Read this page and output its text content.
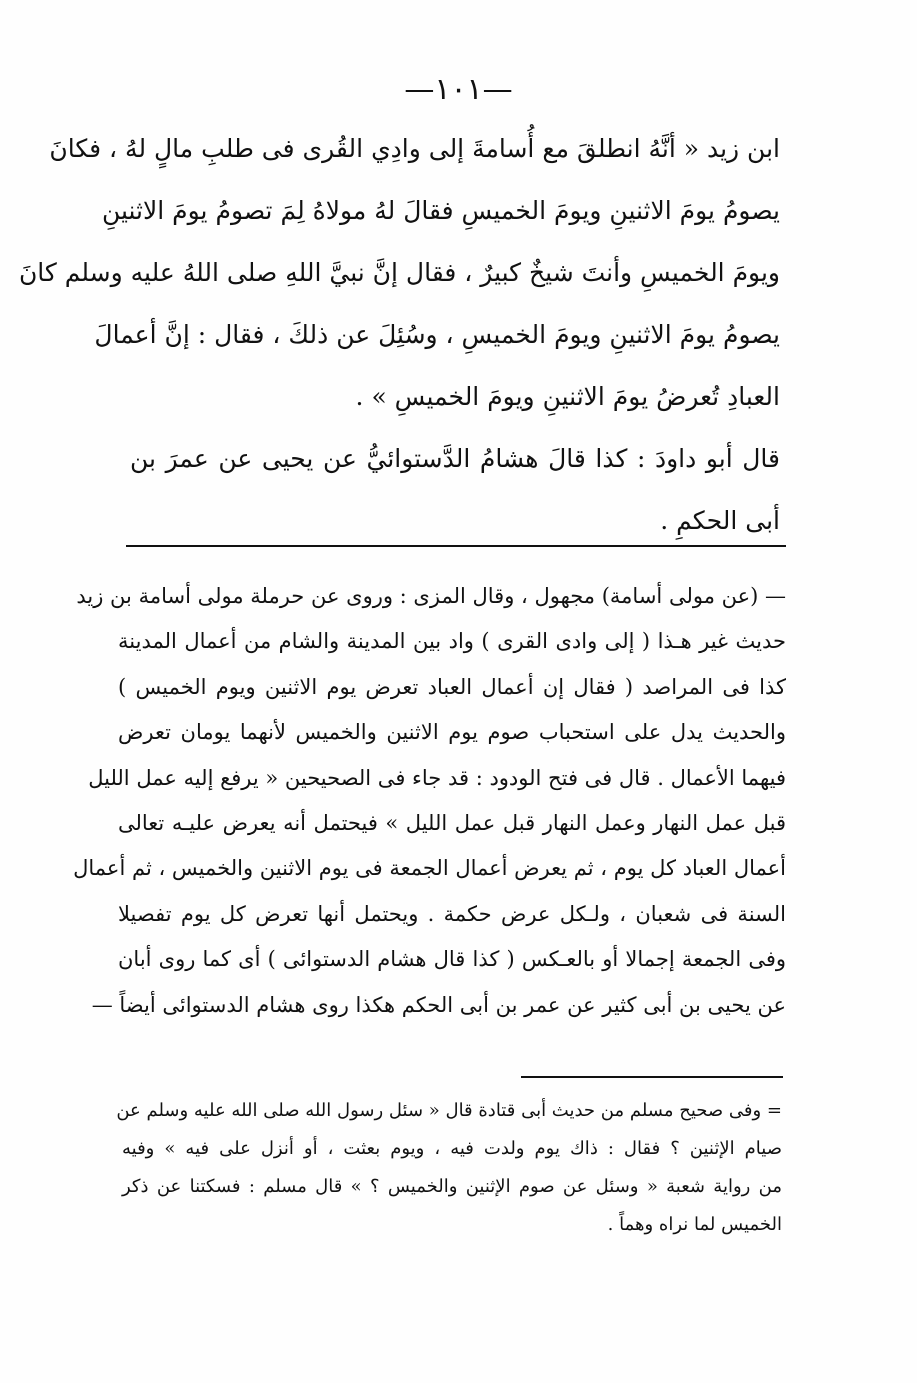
—١٠١—
ابن زيد « أنَّهُ انطلقَ مع أُسامةَ إلى وادِي القُرى فى طلبِ مالٍ لهُ ، فكانَ
يصومُ يومَ الاثنينِ ويومَ الخميسِ فقالَ لهُ مولاهُ لِمَ تصومُ يومَ الاثنينِ
ويومَ الخميسِ وأنتَ شيخٌ كبيرٌ ، فقال إنَّ نبيَّ اللهِ صلى اللهُ عليه وسلم كانَ
يصومُ يومَ الاثنينِ ويومَ الخميسِ ، وسُئِلَ عن ذلكَ ، فقال : إنَّ أعمالَ
العبادِ تُعرضُ يومَ الاثنينِ ويومَ الخميسِ » .
قال أبو داودَ : كذا قالَ هشامُ الدَّستوائيُّ عن يحيى عن عمرَ بن
أبى الحكمِ .
— (عن مولى أسامة) مجهول ، وقال المزى : وروى عن حرملة مولى أسامة بن زيد
حديث غير هـذا ( إلى وادى القرى ) واد بين المدينة والشام من أعمال المدينة
كذا فى المراصد ( فقال إن أعمال العباد تعرض يوم الاثنين ويوم الخميس )
والحديث يدل على استحباب صوم يوم الاثنين والخميس لأنهما يومان تعرض
فيهما الأعمال . قال فى فتح الودود : قد جاء فى الصحيحين « يرفع إليه عمل الليل
قبل عمل النهار وعمل النهار قبل عمل الليل » فيحتمل أنه يعرض عليـه تعالى
أعمال العباد كل يوم ، ثم يعرض أعمال الجمعة فى يوم الاثنين والخميس ، ثم أعمال
السنة فى شعبان ، ولـكل عرض حكمة . ويحتمل أنها تعرض كل يوم تفصيلا
وفى الجمعة إجمالا أو بالعـكس ( كذا قال هشام الدستوائى ) أى كما روى أبان
عن يحيى بن أبى كثير عن عمر بن أبى الحكم هكذا روى هشام الدستوائى أيضاً —
= وفى صحيح مسلم من حديث أبى قتادة قال « سئل رسول الله صلى الله عليه وسلم عن
صيام الإثنين ؟ فقال : ذاك يوم ولدت فيه ، ويوم بعثت ، أو أنزل على فيه » وفيه
من رواية شعبة « وسئل عن صوم الإثنين والخميس ؟ » قال مسلم : فسكتنا عن ذكر
الخميس لما نراه وهماً .
